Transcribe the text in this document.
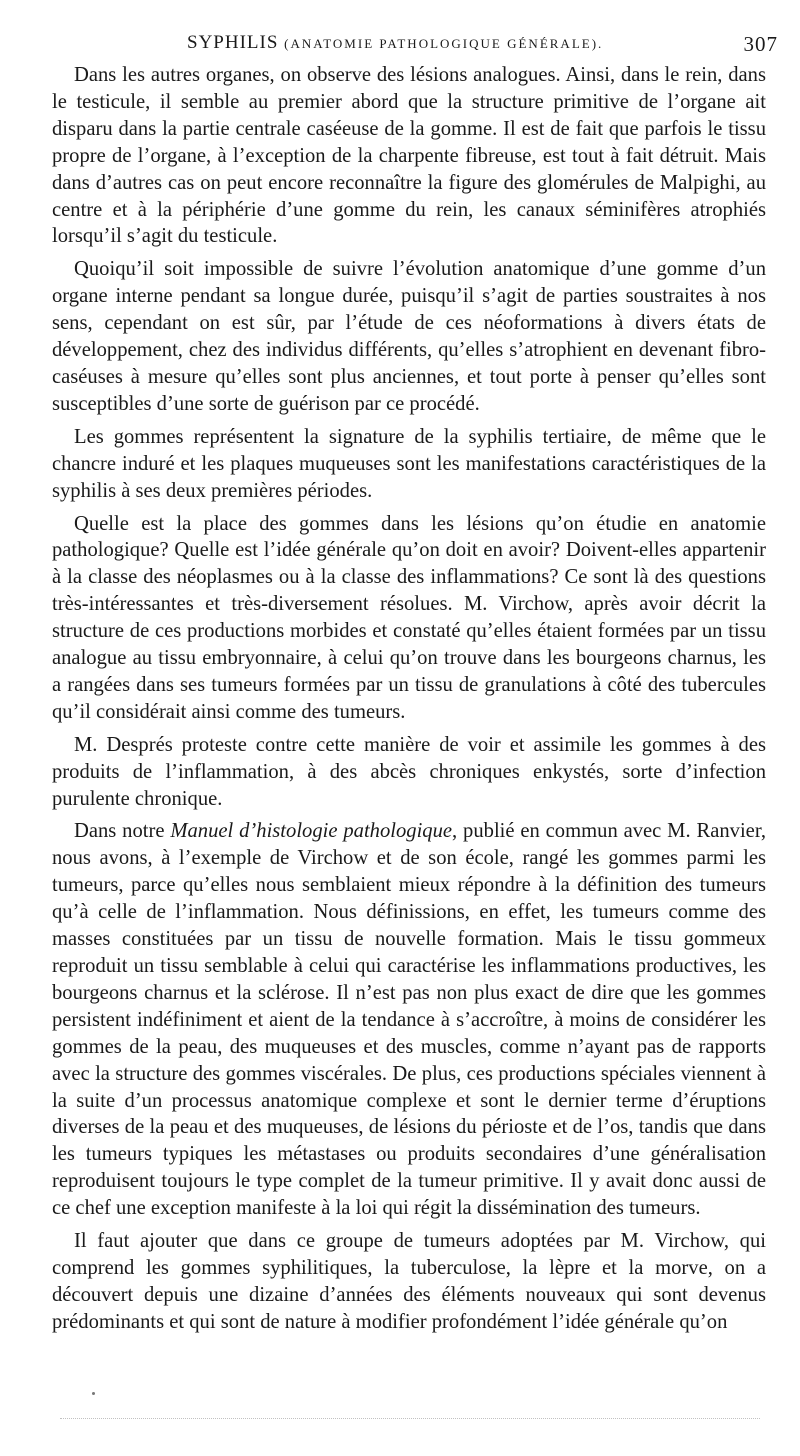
SYPHILIS (ANATOMIE PATHOLOGIQUE GÉNÉRALE).	307

Dans les autres organes, on observe des lésions analogues. Ainsi, dans le rein, dans le testicule, il semble au premier abord que la structure primitive de l’organe ait disparu dans la partie centrale caséeuse de la gomme. Il est de fait que parfois le tissu propre de l’organe, à l’exception de la charpente fibreuse, est tout à fait détruit. Mais dans d’autres cas on peut encore reconnaître la figure des glomérules de Malpighi, au centre et à la périphérie d’une gomme du rein, les canaux séminifères atrophiés lorsqu’il s’agit du testicule.

Quoiqu’il soit impossible de suivre l’évolution anatomique d’une gomme d’un organe interne pendant sa longue durée, puisqu’il s’agit de parties soustraites à nos sens, cependant on est sûr, par l’étude de ces néoformations à divers états de développement, chez des individus différents, qu’elles s’atrophient en devenant fibro-caséuses à mesure qu’elles sont plus anciennes, et tout porte à penser qu’elles sont susceptibles d’une sorte de guérison par ce procédé.

Les gommes représentent la signature de la syphilis tertiaire, de même que le chancre induré et les plaques muqueuses sont les manifestations caractéristiques de la syphilis à ses deux premières périodes.

Quelle est la place des gommes dans les lésions qu’on étudie en anatomie pathologique? Quelle est l’idée générale qu’on doit en avoir? Doivent-elles appartenir à la classe des néoplasmes ou à la classe des inflammations? Ce sont là des questions très-intéressantes et très-diversement résolues. M. Virchow, après avoir décrit la structure de ces productions morbides et constaté qu’elles étaient formées par un tissu analogue au tissu embryonnaire, à celui qu’on trouve dans les bourgeons charnus, les a rangées dans ses tumeurs formées par un tissu de granulations à côté des tubercules qu’il considérait ainsi comme des tumeurs.

M. Després proteste contre cette manière de voir et assimile les gommes à des produits de l’inflammation, à des abcès chroniques enkystés, sorte d’infection purulente chronique.

Dans notre Manuel d’histologie pathologique, publié en commun avec M. Ranvier, nous avons, à l’exemple de Virchow et de son école, rangé les gommes parmi les tumeurs, parce qu’elles nous semblaient mieux répondre à la définition des tumeurs qu’à celle de l’inflammation. Nous définissions, en effet, les tumeurs comme des masses constituées par un tissu de nouvelle formation. Mais le tissu gommeux reproduit un tissu semblable à celui qui caractérise les inflammations productives, les bourgeons charnus et la sclérose. Il n’est pas non plus exact de dire que les gommes persistent indéfiniment et aient de la tendance à s’accroître, à moins de considérer les gommes de la peau, des muqueuses et des muscles, comme n’ayant pas de rapports avec la structure des gommes viscérales. De plus, ces productions spéciales viennent à la suite d’un processus anatomique complexe et sont le dernier terme d’éruptions diverses de la peau et des muqueuses, de lésions du périoste et de l’os, tandis que dans les tumeurs typiques les métastases ou produits secondaires d’une généralisation reproduisent toujours le type complet de la tumeur primitive. Il y avait donc aussi de ce chef une exception manifeste à la loi qui régit la dissémination des tumeurs.

Il faut ajouter que dans ce groupe de tumeurs adoptées par M. Virchow, qui comprend les gommes syphilitiques, la tuberculose, la lèpre et la morve, on a découvert depuis une dizaine d’années des éléments nouveaux qui sont devenus prédominants et qui sont de nature à modifier profondément l’idée générale qu’on
